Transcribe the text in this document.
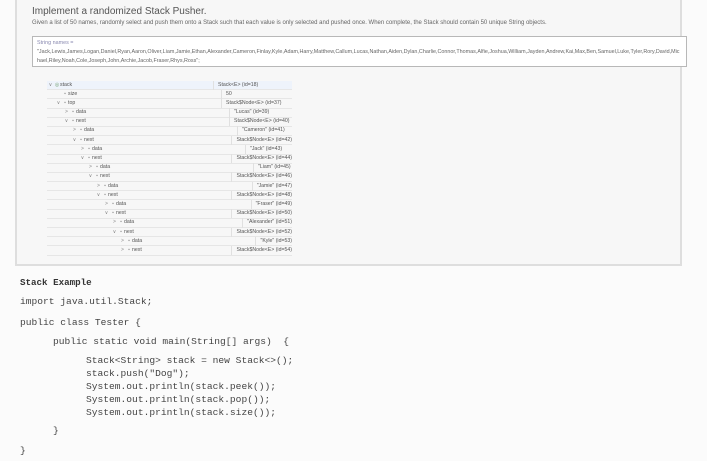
Implement a randomized Stack Pusher.
Given a list of 50 names, randomly select and push them onto a Stack such that each value is only selected and pushed once. When complete, the Stack should contain 50 unique String objects.
String names =
"Jack,Lewis,James,Logan,Daniel,Ryan,Aaron,Oliver,Liam,Jamie,Ethan,Alexander,Cameron,Finlay,Kyle,Adam,Harry,Matthew,Callum,Lucas,Nathan,Aiden,Dylan,Charlie,Connor,Thomas,Alfie,Joshua,William,Jayden,Andrew,Kai,Max,Ben,Samuel,Luke,Tyler,Rory,David,Michael,Riley,Noah,Cole,Joseph,John,Archie,Jacob,Fraser,Rhys,Ross";
∨ ◎ stack	Stack<E> (id=18)
▪ size	50
∨ ▪ top	Stack$Node<E> (id=37)
> ▪ data	"Lucas" (id=39)
∨ ▪ next	Stack$Node<E> (id=40)
> ▪ data	"Cameron" (id=41)
∨ ▪ next	Stack$Node<E> (id=42)
> ▪ data	"Jack" (id=43)
∨ ▪ next	Stack$Node<E> (id=44)
> ▪ data	"Liam" (id=45)
∨ ▪ next	Stack$Node<E> (id=46)
> ▪ data	"Jamie" (id=47)
∨ ▪ next	Stack$Node<E> (id=48)
> ▪ data	"Fraser" (id=49)
∨ ▪ next	Stack$Node<E> (id=50)
> ▪ data	"Alexander" (id=51)
∨ ▪ next	Stack$Node<E> (id=52)
> ▪ data	"Kyle" (id=53)
> ▪ next	Stack$Node<E> (id=54)
Stack Example
import java.util.Stack;
public class Tester {
public static void main(String[] args)  {
Stack<String> stack = new Stack<>();
stack.push("Dog");
System.out.println(stack.peek());
System.out.println(stack.pop());
System.out.println(stack.size());
}
}
